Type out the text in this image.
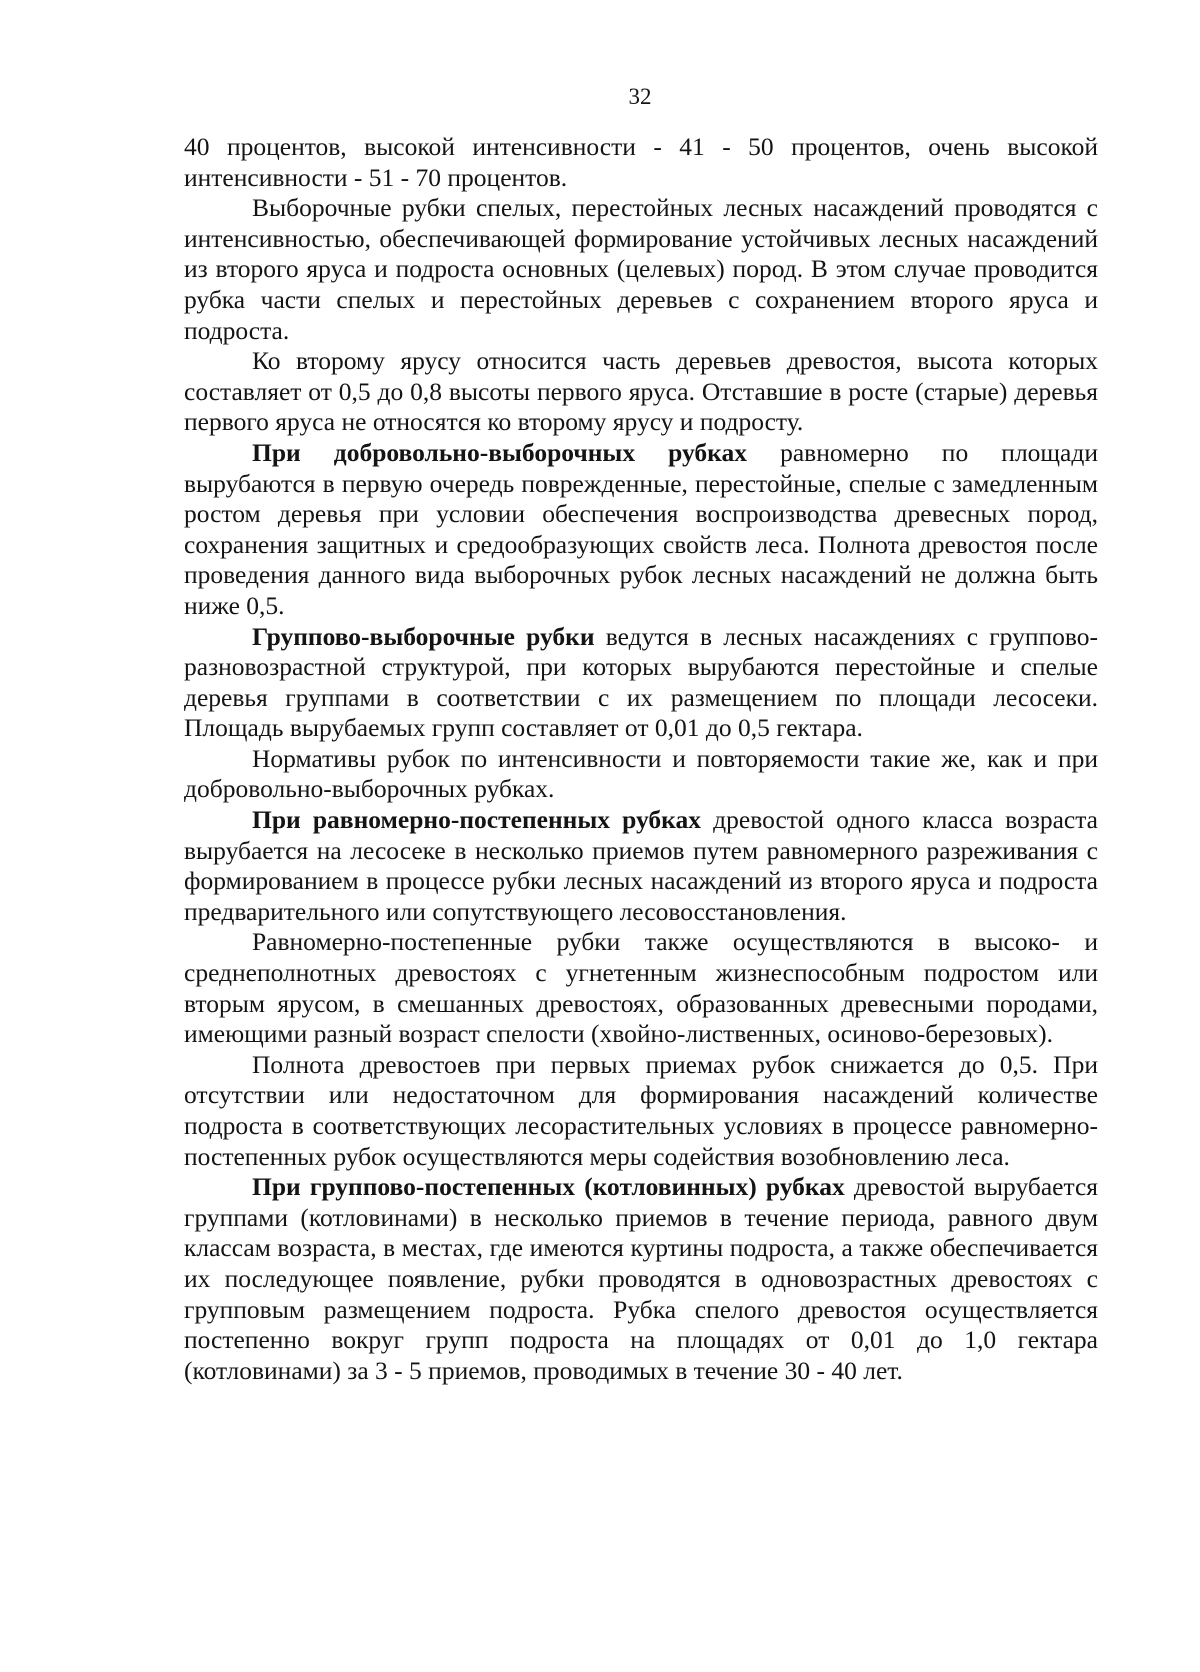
32

40 процентов, высокой интенсивности - 41 - 50 процентов, очень высокой интенсивности - 51 - 70 процентов.

Выборочные рубки спелых, перестойных лесных насаждений проводятся с интенсивностью, обеспечивающей формирование устойчивых лесных насаждений из второго яруса и подроста основных (целевых) пород. В этом случае проводится рубка части спелых и перестойных деревьев с сохранением второго яруса и подроста.

Ко второму ярусу относится часть деревьев древостоя, высота которых составляет от 0,5 до 0,8 высоты первого яруса. Отставшие в росте (старые) деревья первого яруса не относятся ко второму ярусу и подросту.

При добровольно-выборочных рубках равномерно по площади вырубаются в первую очередь поврежденные, перестойные, спелые с замедленным ростом деревья при условии обеспечения воспроизводства древесных пород, сохранения защитных и средообразующих свойств леса. Полнота древостоя после проведения данного вида выборочных рубок лесных насаждений не должна быть ниже 0,5.

Группово-выборочные рубки ведутся в лесных насаждениях с группово-разновозрастной структурой, при которых вырубаются перестойные и спелые деревья группами в соответствии с их размещением по площади лесосеки. Площадь вырубаемых групп составляет от 0,01 до 0,5 гектара.

Нормативы рубок по интенсивности и повторяемости такие же, как и при добровольно-выборочных рубках.

При равномерно-постепенных рубках древостой одного класса возраста вырубается на лесосеке в несколько приемов путем равномерного разреживания с формированием в процессе рубки лесных насаждений из второго яруса и подроста предварительного или сопутствующего лесовосстановления.

Равномерно-постепенные рубки также осуществляются в высоко- и среднеполнотных древостоях с угнетенным жизнеспособным подростом или вторым ярусом, в смешанных древостоях, образованных древесными породами, имеющими разный возраст спелости (хвойно-лиственных, осиново-березовых).

Полнота древостоев при первых приемах рубок снижается до 0,5. При отсутствии или недостаточном для формирования насаждений количестве подроста в соответствующих лесорастительных условиях в процессе равномерно-постепенных рубок осуществляются меры содействия возобновлению леса.

При группово-постепенных (котловинных) рубках древостой вырубается группами (котловинами) в несколько приемов в течение периода, равного двум классам возраста, в местах, где имеются куртины подроста, а также обеспечивается их последующее появление, рубки проводятся в одновозрастных древостоях с групповым размещением подроста. Рубка спелого древостоя осуществляется постепенно вокруг групп подроста на площадях от 0,01 до 1,0 гектара (котловинами) за 3 - 5 приемов, проводимых в течение 30 - 40 лет.
